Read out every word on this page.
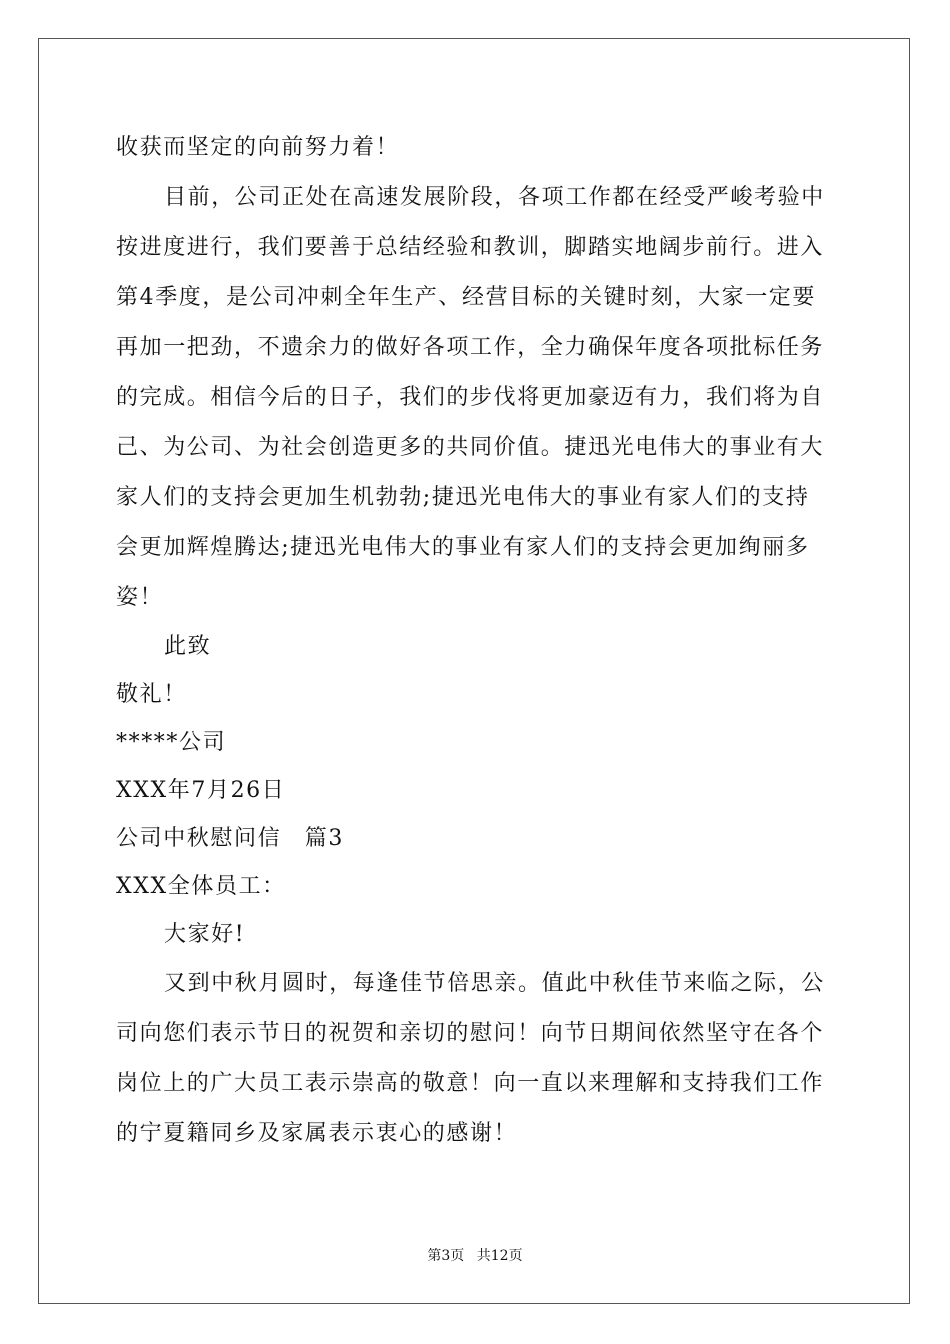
收获而坚定的向前努力着！
目前，公司正处在高速发展阶段，各项工作都在经受严峻考验中
按进度进行，我们要善于总结经验和教训，脚踏实地阔步前行。进入
第4季度，是公司冲刺全年生产、经营目标的关键时刻，大家一定要
再加一把劲，不遗余力的做好各项工作，全力确保年度各项批标任务
的完成。相信今后的日子，我们的步伐将更加豪迈有力，我们将为自
己、为公司、为社会创造更多的共同价值。捷迅光电伟大的事业有大
家人们的支持会更加生机勃勃;捷迅光电伟大的事业有家人们的支持
会更加辉煌腾达;捷迅光电伟大的事业有家人们的支持会更加绚丽多
姿！
此致
敬礼！
*****公司
XXX年7月26日
公司中秋慰问信　篇3
XXX全体员工：
大家好!
又到中秋月圆时，每逢佳节倍思亲。值此中秋佳节来临之际，公
司向您们表示节日的祝贺和亲切的慰问！向节日期间依然坚守在各个
岗位上的广大员工表示崇高的敬意！向一直以来理解和支持我们工作
的宁夏籍同乡及家属表示衷心的感谢！
第3页 共12页
